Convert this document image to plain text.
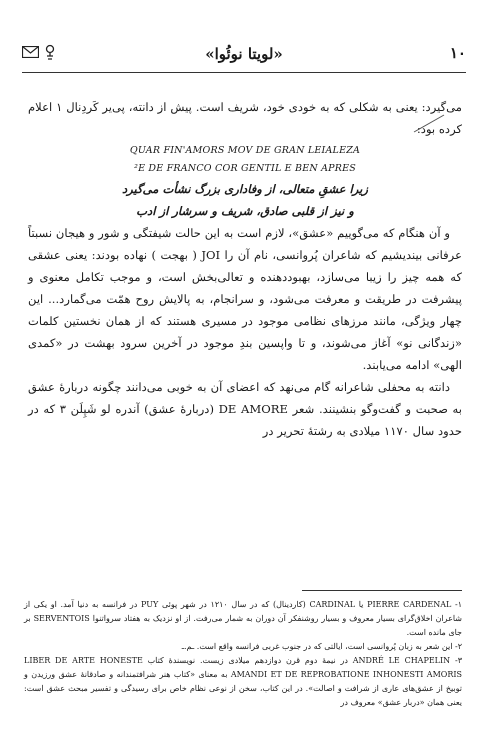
۱۰
«لویتا نوئُوا»

می‌گیرد: یعنی به شکلی که به خودی خود، شریف است. پیش از دانته، پی‌یر کَردِنال ۱ اعلام کرده بود:

QUAR FIN'AMORS MOV DE GRAN LEIALEZA
²E DE FRANCO COR GENTIL E BEN APRES
زیرا عشقِ متعالی، از وفاداری بزرگ نشأت می‌گیرد
و نیز از قلبی صادق، شریف و سرشار از ادب

و آن هنگام که می‌گوییم «عشق»، لازم است به این حالت شیفتگی و شور و هیجان نسبتاً عرفانی بیندیشیم که شاعران پُروانسی، نام آن را JOI ( بهجت ) نهاده بودند: یعنی عشقی که همه چیز را زیبا می‌سازد، بهبوددهنده و تعالی‌بخش است، و موجب تکامل معنوی و پیشرفت در طریقت و معرفت می‌شود، و سرانجام، به پالایش روح همّت می‌گمارد... این چهار ویژگی، مانند مرزهای نظامی موجود در مسیری هستند که از همان نخستین کلمات «زندگانی نو» آغاز می‌شوند، و تا واپسین بندِ موجود در آخرین سرود بهشت در «کمدی الهی» ادامه می‌یابند.

دانته به محفلی شاعرانه گام می‌نهد که اعضای آن به خوبی می‌دانند چگونه دربارهٔ عشق به صحبت و گفت‌وگو بنشینند. شعر DE AMORE (دربارهٔ عشق) آندره لو شَپِلَن ۳ که در حدود سال ۱۱۷۰ میلادی به رشتهٔ تحریر در

۱- PIERRE CARDENAL یا CARDINAL (کاردینال) که در سال ۱۲۱۰ در شهر پوئی PUY در فرانسه به دنیا آمد. او یکی از شاعران اخلاق‌گرای بسیار معروف و بسیار روشنفکر آن دوران به شمار می‌رفت. از او نزدیک به هفتاد سرواتنوا SERVENTOIS بر جای مانده است.

۲- این شعر به زبان پُروانسی است، ایالتی که در جنوب غربی فرانسه واقع است. ـم.ـ

۳- ANDRÉ LE CHAPELIN در نیمهٔ دوم قرن دوازدهم میلادی زیست. نویسندهٔ کتاب LIBER DE ARTE HONESTE AMANDI ET DE REPROBATIONE INHONESTI AMORIS به معنای «کتاب هنر شرافتمندانه و صادقانهٔ عشق ورزیدن و توبیخ از عشق‌های عاری از شرافت و اصالت». در این کتاب، سخن از نوعی نظام خاص برای رسیدگی و تفسیر مبحث عشق است: یعنی همان «دربار عشق» معروف در
